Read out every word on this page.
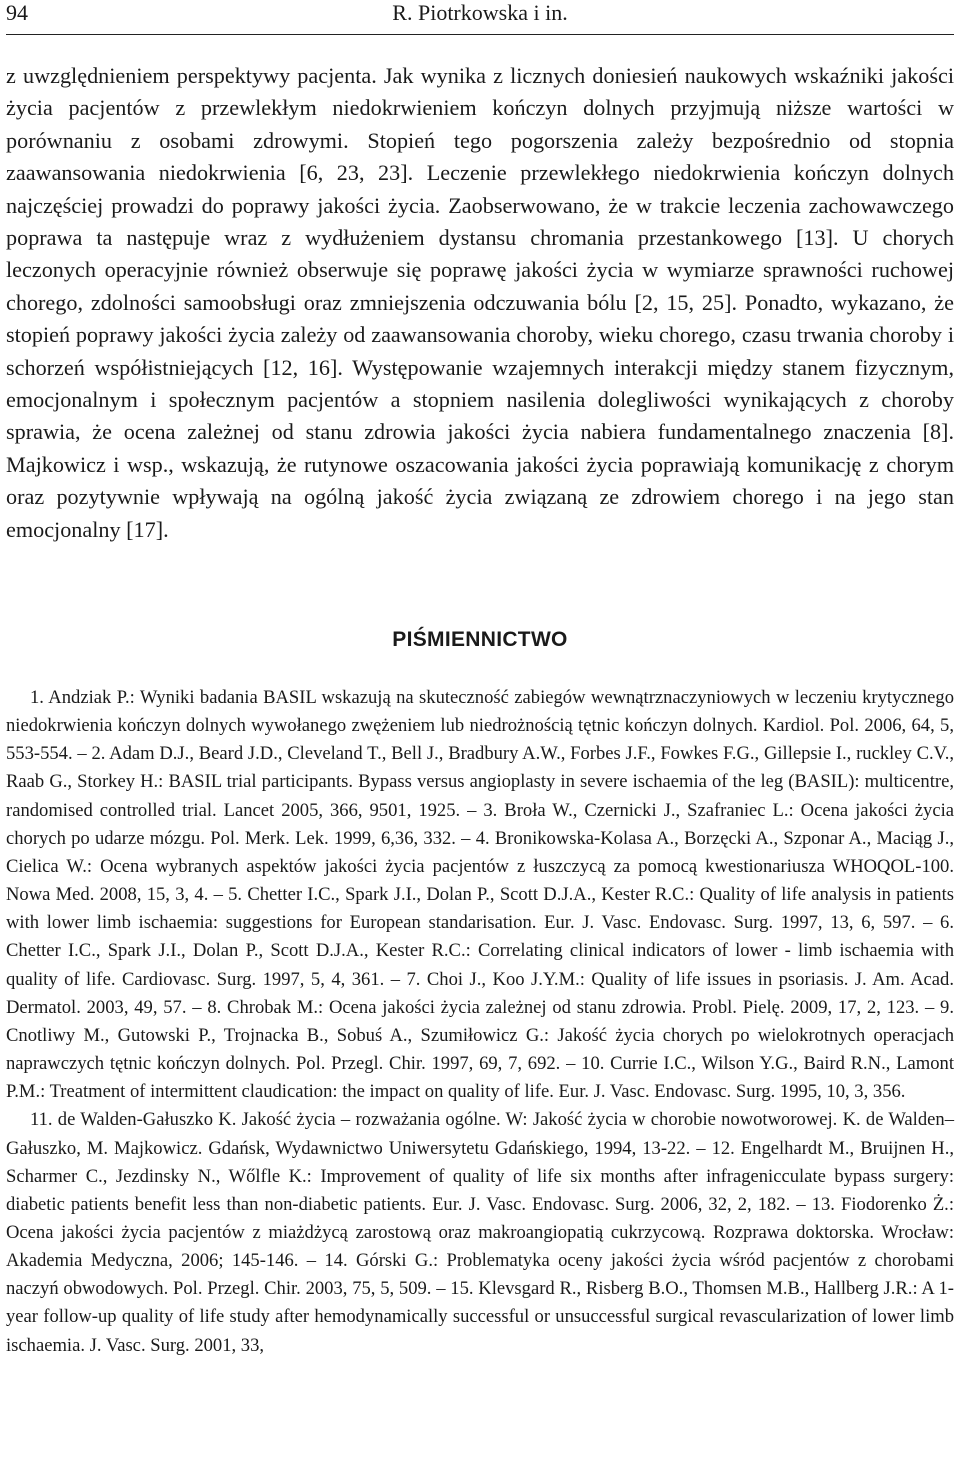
94	R. Piotrkowska i in.

z uwzględnieniem perspektywy pacjenta. Jak wynika z licznych doniesień naukowych wskaźniki jakości życia pacjentów z przewlekłym niedokrwieniem kończyn dolnych przyjmują niższe wartości w porównaniu z osobami zdrowymi. Stopień tego pogorszenia zależy bezpośrednio od stopnia zaawansowania niedokrwienia [6, 23, 23]. Leczenie przewlekłego niedokrwienia kończyn dolnych najczęściej prowadzi do poprawy jakości życia. Zaobserwowano, że w trakcie leczenia zachowawczego poprawa ta następuje wraz z wydłużeniem dystansu chromania przestankowego [13]. U chorych leczonych operacyjnie również obserwuje się poprawę jakości życia w wymiarze sprawności ruchowej chorego, zdolności samoobsługi oraz zmniejszenia odczuwania bólu [2, 15, 25]. Ponadto, wykazano, że stopień poprawy jakości życia zależy od zaawansowania choroby, wieku chorego, czasu trwania choroby i schorzeń współistniejących [12, 16]. Występowanie wzajemnych interakcji między stanem fizycznym, emocjonalnym i społecznym pacjentów a stopniem nasilenia dolegliwości wynikających z choroby sprawia, że ocena zależnej od stanu zdrowia jakości życia nabiera fundamentalnego znaczenia [8]. Majkowicz i wsp., wskazują, że rutynowe oszacowania jakości życia poprawiają komunikację z chorym oraz pozytywnie wpływają na ogólną jakość życia związaną ze zdrowiem chorego i na jego stan emocjonalny [17].

PIŚMIENNICTWO

1. Andziak P.: Wyniki badania BASIL wskazują na skuteczność zabiegów wewnątrznaczyniowych w leczeniu krytycznego niedokrwienia kończyn dolnych wywołanego zwężeniem lub niedrożnością tętnic kończyn dolnych. Kardiol. Pol. 2006, 64, 5, 553-554. – 2. Adam D.J., Beard J.D., Cleveland T., Bell J., Bradbury A.W., Forbes J.F., Fowkes F.G., Gillepsie I., ruckley C.V., Raab G., Storkey H.: BASIL trial participants. Bypass versus angioplasty in severe ischaemia of the leg (BASIL): multicentre, randomised controlled trial. Lancet 2005, 366, 9501, 1925. – 3. Broła W., Czernicki J., Szafraniec L.: Ocena jakości życia chorych po udarze mózgu. Pol. Merk. Lek. 1999, 6,36, 332. – 4. Bronikowska-Kolasa A., Borzęcki A., Szponar A., Maciąg J., Cielica W.: Ocena wybranych aspektów jakości życia pacjentów z łuszczycą za pomocą kwestionariusza WHOQOL-100. Nowa Med. 2008, 15, 3, 4. – 5. Chetter I.C., Spark J.I., Dolan P., Scott D.J.A., Kester R.C.: Quality of life analysis in patients with lower limb ischaemia: suggestions for European standarisation. Eur. J. Vasc. Endovasc. Surg. 1997, 13, 6, 597. – 6. Chetter I.C., Spark J.I., Dolan P., Scott D.J.A., Kester R.C.: Correlating clinical indicators of lower - limb ischaemia with quality of life. Cardiovasc. Surg. 1997, 5, 4, 361. – 7. Choi J., Koo J.Y.M.: Quality of life issues in psoriasis. J. Am. Acad. Dermatol. 2003, 49, 57. – 8. Chrobak M.: Ocena jakości życia zależnej od stanu zdrowia. Probl. Pielę. 2009, 17, 2, 123. – 9. Cnotliwy M., Gutowski P., Trojnacka B., Sobuś A., Szumiłowicz G.: Jakość życia chorych po wielokrotnych operacjach naprawczych tętnic kończyn dolnych. Pol. Przegl. Chir. 1997, 69, 7, 692. – 10. Currie I.C., Wilson Y.G., Baird R.N., Lamont P.M.: Treatment of intermittent claudication: the impact on quality of life. Eur. J. Vasc. Endovasc. Surg. 1995, 10, 3, 356.

11. de Walden-Gałuszko K. Jakość życia – rozważania ogólne. W: Jakość życia w chorobie nowotworowej. K. de Walden– Gałuszko, M. Majkowicz. Gdańsk, Wydawnictwo Uniwersytetu Gdańskiego, 1994, 13-22. – 12. Engelhardt M., Bruijnen H., Scharmer C., Jezdinsky N., Wőlfle K.: Improvement of quality of life six months after infragenicculate bypass surgery: diabetic patients benefit less than non-diabetic patients. Eur. J. Vasc. Endovasc. Surg. 2006, 32, 2, 182. – 13. Fiodorenko Ż.: Ocena jakości życia pacjentów z miażdżycą zarostową oraz makroangiopatią cukrzycową. Rozprawa doktorska. Wrocław: Akademia Medyczna, 2006; 145-146. – 14. Górski G.: Problematyka oceny jakości życia wśród pacjentów z chorobami naczyń obwodowych. Pol. Przegl. Chir. 2003, 75, 5, 509. – 15. Klevsgard R., Risberg B.O., Thomsen M.B., Hallberg J.R.: A 1- year follow-up quality of life study after hemodynamically successful or unsuccessful surgical revascularization of lower limb ischaemia. J. Vasc. Surg. 2001, 33,
